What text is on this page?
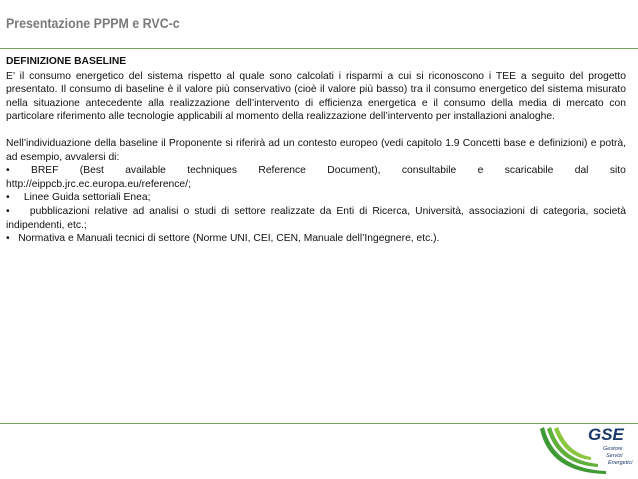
Presentazione PPPM e RVC-c
DEFINIZIONE BASELINE

E’ il consumo energetico del sistema rispetto al quale sono calcolati i risparmi a cui si riconoscono i TEE a seguito del progetto presentato. Il consumo di baseline è il valore più conservativo (cioè il valore più basso) tra il consumo energetico del sistema misurato nella situazione antecedente alla realizzazione dell’intervento di efficienza energetica e il consumo della media di mercato con particolare riferimento alle tecnologie applicabili al momento della realizzazione dell’intervento per installazioni analoghe.

Nell’individuazione della baseline il Proponente si riferirà ad un contesto europeo (vedi capitolo 1.9 Concetti base e definizioni) e potrà, ad esempio, avvalersi di:

• BREF (Best available techniques Reference Document), consultabile e scaricabile dal sito
http://eippcb.jrc.ec.europa.eu/reference/;
• Linee Guida settoriali Enea;
• pubblicazioni relative ad analisi o studi di settore realizzate da Enti di Ricerca, Università, associazioni di categoria, società indipendenti, etc.;
• Normativa e Manuali tecnici di settore (Norme UNI, CEI, CEN, Manuale dell’Ingegnere, etc.).
GSE
Gestore
Servizi
Energetici
